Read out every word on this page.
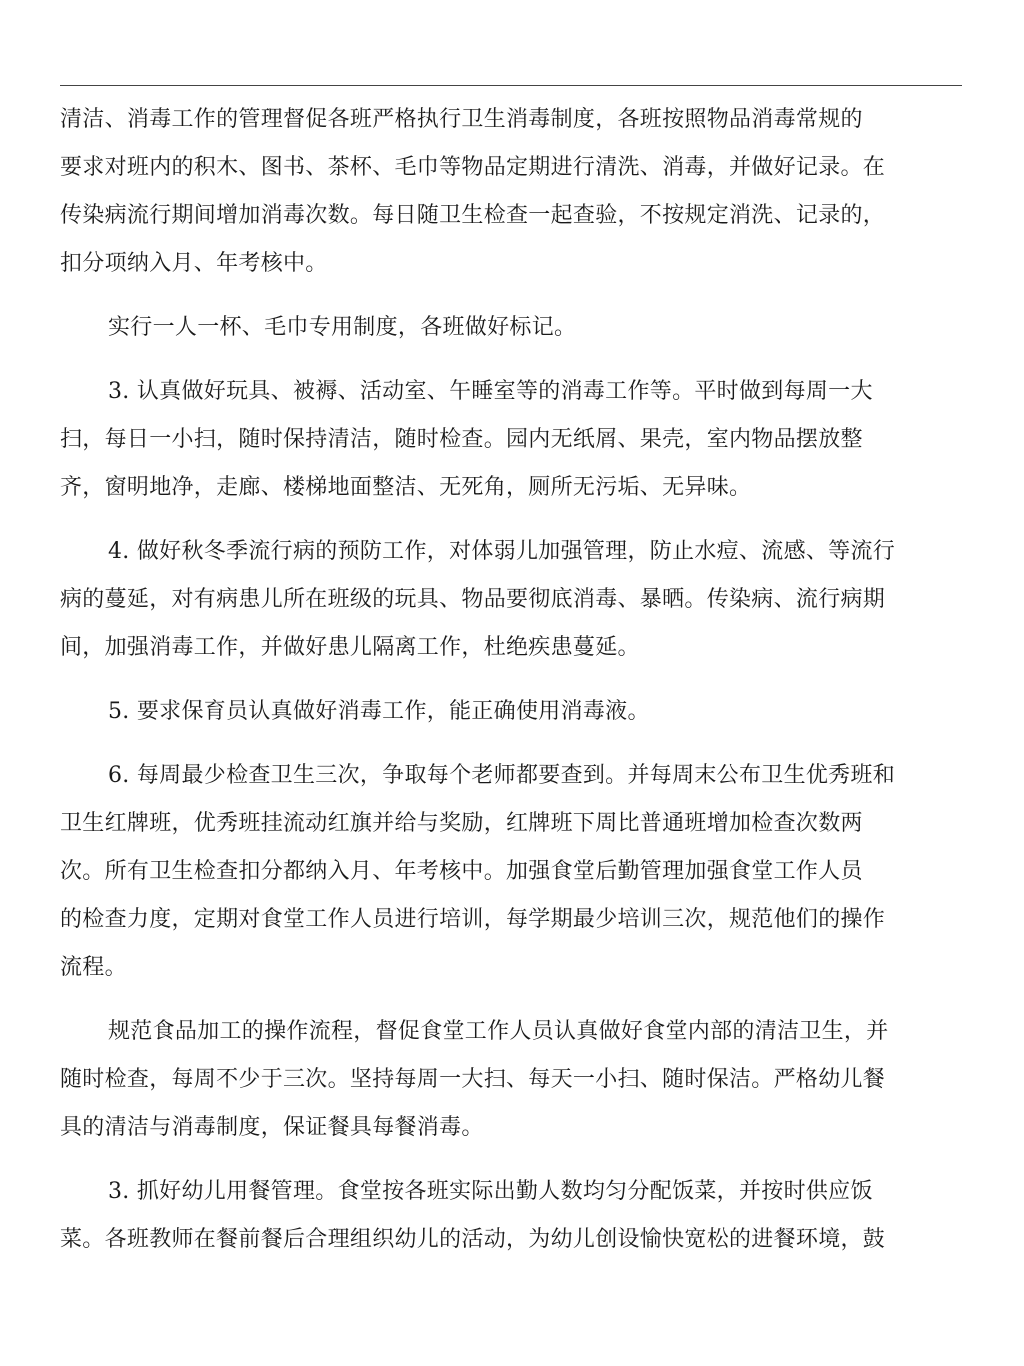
清洁、消毒工作的管理督促各班严格执行卫生消毒制度，各班按照物品消毒常规的
要求对班内的积木、图书、茶杯、毛巾等物品定期进行清洗、消毒，并做好记录。在
传染病流行期间增加消毒次数。每日随卫生检查一起查验，不按规定消洗、记录的，
扣分项纳入月、年考核中。
实行一人一杯、毛巾专用制度，各班做好标记。
3. 认真做好玩具、被褥、活动室、午睡室等的消毒工作等。平时做到每周一大
扫，每日一小扫，随时保持清洁，随时检查。园内无纸屑、果壳，室内物品摆放整
齐，窗明地净，走廊、楼梯地面整洁、无死角，厕所无污垢、无异味。
4. 做好秋冬季流行病的预防工作，对体弱儿加强管理，防止水痘、流感、等流行
病的蔓延，对有病患儿所在班级的玩具、物品要彻底消毒、暴晒。传染病、流行病期
间，加强消毒工作，并做好患儿隔离工作，杜绝疾患蔓延。
5. 要求保育员认真做好消毒工作，能正确使用消毒液。
6. 每周最少检查卫生三次，争取每个老师都要查到。并每周末公布卫生优秀班和
卫生红牌班，优秀班挂流动红旗并给与奖励，红牌班下周比普通班增加检查次数两
次。所有卫生检查扣分都纳入月、年考核中。加强食堂后勤管理加强食堂工作人员
的检查力度，定期对食堂工作人员进行培训，每学期最少培训三次，规范他们的操作
流程。
规范食品加工的操作流程，督促食堂工作人员认真做好食堂内部的清洁卫生，并
随时检查，每周不少于三次。坚持每周一大扫、每天一小扫、随时保洁。严格幼儿餐
具的清洁与消毒制度，保证餐具每餐消毒。
3. 抓好幼儿用餐管理。食堂按各班实际出勤人数均匀分配饭菜，并按时供应饭
菜。各班教师在餐前餐后合理组织幼儿的活动，为幼儿创设愉快宽松的进餐环境，鼓
